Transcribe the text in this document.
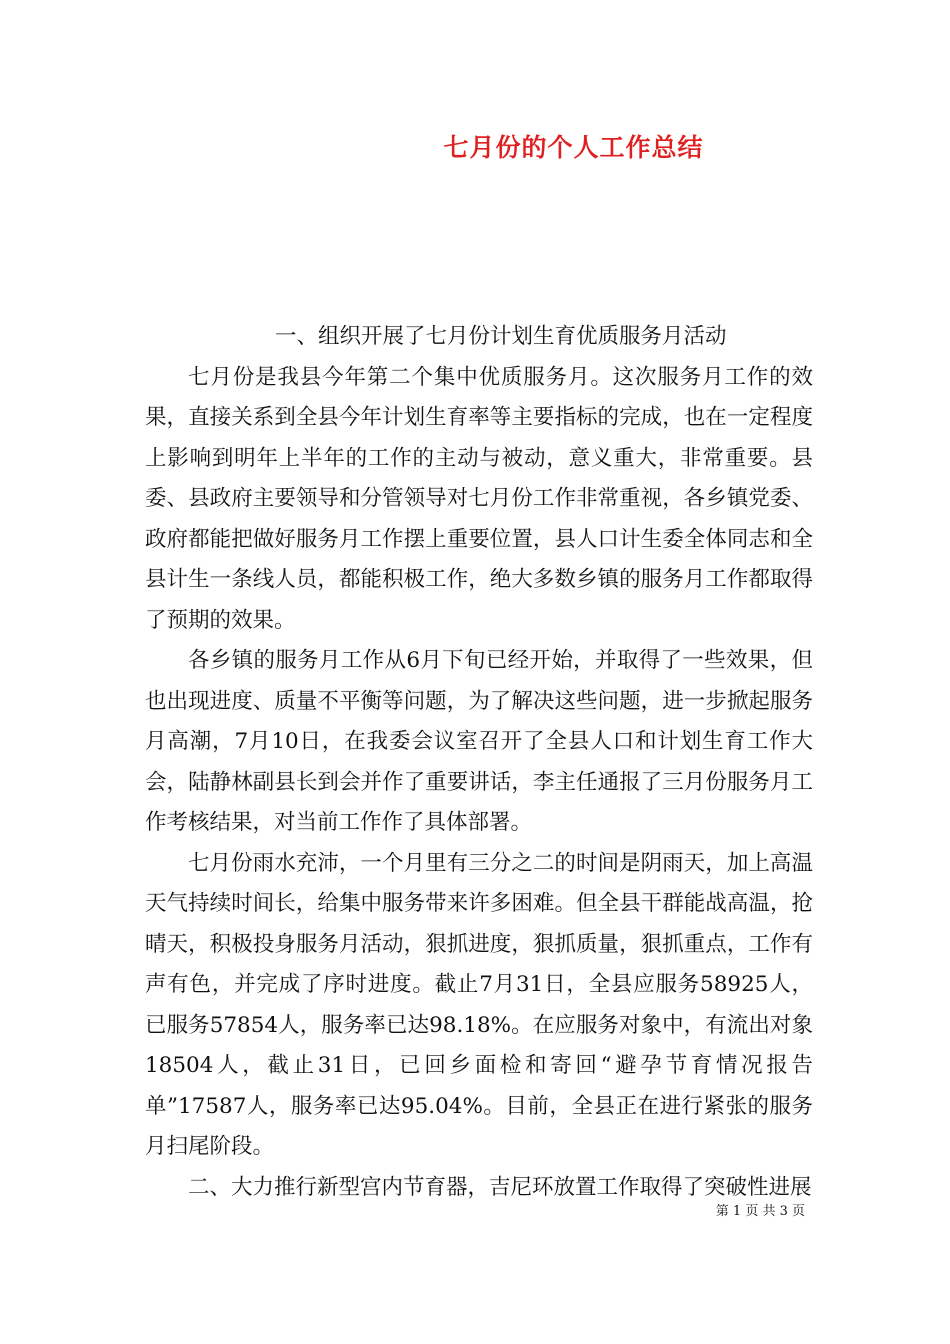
七月份的个人工作总结

一、组织开展了七月份计划生育优质服务月活动

七月份是我县今年第二个集中优质服务月。这次服务月工作的效果，直接关系到全县今年计划生育率等主要指标的完成，也在一定程度上影响到明年上半年的工作的主动与被动，意义重大，非常重要。县委、县政府主要领导和分管领导对七月份工作非常重视，各乡镇党委、政府都能把做好服务月工作摆上重要位置，县人口计生委全体同志和全县计生一条线人员，都能积极工作，绝大多数乡镇的服务月工作都取得了预期的效果。

各乡镇的服务月工作从6月下旬已经开始，并取得了一些效果，但也出现进度、质量不平衡等问题，为了解决这些问题，进一步掀起服务月高潮，7月10日，在我委会议室召开了全县人口和计划生育工作大会，陆静林副县长到会并作了重要讲话，李主任通报了三月份服务月工作考核结果，对当前工作作了具体部署。

七月份雨水充沛，一个月里有三分之二的时间是阴雨天，加上高温天气持续时间长，给集中服务带来许多困难。但全县干群能战高温，抢晴天，积极投身服务月活动，狠抓进度，狠抓质量，狠抓重点，工作有声有色，并完成了序时进度。截止7月31日，全县应服务58925人，已服务57854人，服务率已达98.18%。在应服务对象中，有流出对象18504人，截止31日，已回乡面检和寄回“避孕节育情况报告单”17587人，服务率已达95.04%。目前，全县正在进行紧张的服务月扫尾阶段。

二、大力推行新型宫内节育器，吉尼环放置工作取得了突破性进展

第 1 页 共 3 页
